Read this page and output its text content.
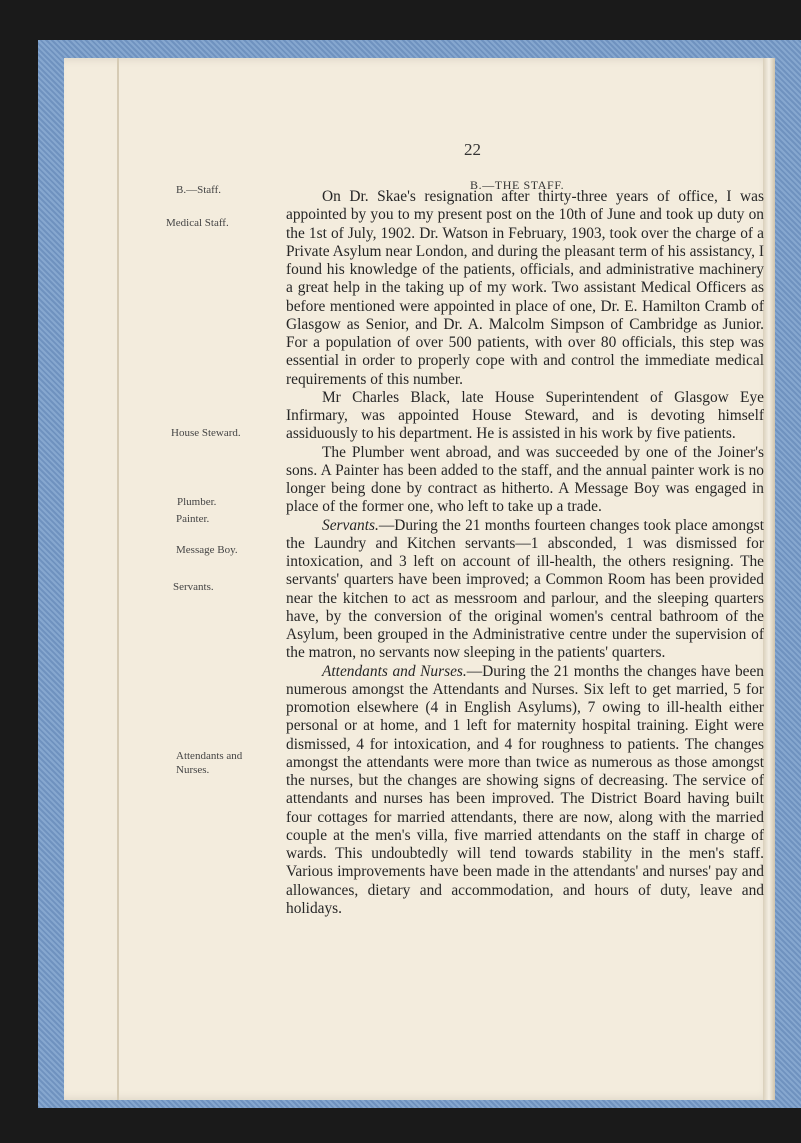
22
B.—THE STAFF.
B.—Staff.
Medical Staff.
House Steward.
Plumber.
Painter.
Message Boy.
Servants.
Attendants and Nurses.

On Dr. Skae's resignation after thirty-three years of office, I was appointed by you to my present post on the 10th of June and took up duty on the 1st of July, 1902. Dr. Watson in February, 1903, took over the charge of a Private Asylum near London, and during the pleasant term of his assistancy, I found his knowledge of the patients, officials, and administrative machinery a great help in the taking up of my work. Two assistant Medical Officers as before mentioned were appointed in place of one, Dr. E. Hamilton Cramb of Glasgow as Senior, and Dr. A. Malcolm Simpson of Cambridge as Junior. For a population of over 500 patients, with over 80 officials, this step was essential in order to properly cope with and control the immediate medical requirements of this number.

Mr Charles Black, late House Superintendent of Glasgow Eye Infirmary, was appointed House Steward, and is devoting himself assiduously to his department. He is assisted in his work by five patients.

The Plumber went abroad, and was succeeded by one of the Joiner's sons. A Painter has been added to the staff, and the annual painter work is no longer being done by contract as hitherto. A Message Boy was engaged in place of the former one, who left to take up a trade.

Servants.—During the 21 months fourteen changes took place amongst the Laundry and Kitchen servants—1 absconded, 1 was dismissed for intoxication, and 3 left on account of ill-health, the others resigning. The servants' quarters have been improved; a Common Room has been provided near the kitchen to act as messroom and parlour, and the sleeping quarters have, by the conversion of the original women's central bathroom of the Asylum, been grouped in the Administrative centre under the supervision of the matron, no servants now sleeping in the patients' quarters.

Attendants and Nurses.—During the 21 months the changes have been numerous amongst the Attendants and Nurses. Six left to get married, 5 for promotion elsewhere (4 in English Asylums), 7 owing to ill-health either personal or at home, and 1 left for maternity hospital training. Eight were dismissed, 4 for intoxication, and 4 for roughness to patients. The changes amongst the attendants were more than twice as numerous as those amongst the nurses, but the changes are showing signs of decreasing. The service of attendants and nurses has been improved. The District Board having built four cottages for married attendants, there are now, along with the married couple at the men's villa, five married attendants on the staff in charge of wards. This undoubtedly will tend towards stability in the men's staff. Various improvements have been made in the attendants' and nurses' pay and allowances, dietary and accommodation, and hours of duty, leave and holidays.
